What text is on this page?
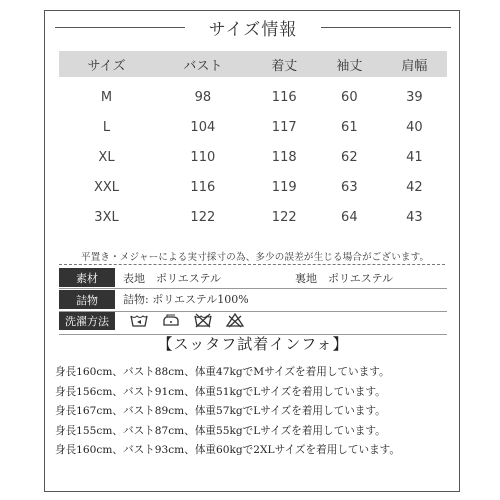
サイズ情報
サイズ	バスト	着丈	袖丈	肩幅

M	98	116	60	39
L	104	117	61	40
XL	110	118	62	41
XXL	116	119	63	42
3XL	122	122	64	43
平置き・メジャーによる実寸採寸の為、多少の誤差が生じる場合がございます。
素材	表地　ポリエステル	裏地　ポリエステル
詰物	詰物: ポリエステル100%
洗濯方法
【スッタフ試着インフォ】
身長160cm、バスト88cm、体重47kgでMサイズを着用しています。
身長156cm、バスト91cm、体重51kgでLサイズを着用しています。
身長167cm、バスト89cm、体重57kgでLサイズを着用しています。
身長155cm、バスト87cm、体重55kgでLサイズを着用しています。
身長160cm、バスト93cm、体重60kgで2XLサイズを着用しています。
